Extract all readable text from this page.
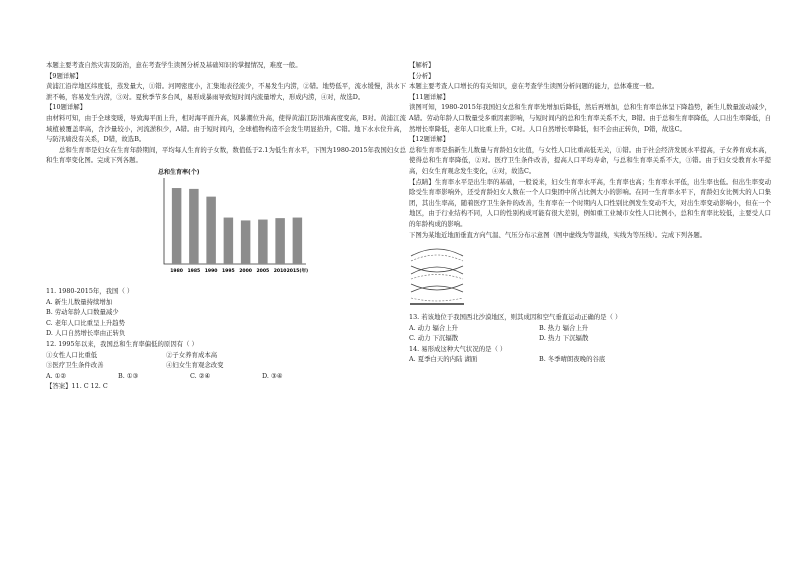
本题主要考查自然灾害及防治，意在考查学生读图分析及基础知识的掌握情况，难度一般。

【9题详解】

黄浦江沿岸地区纬度低，蒸发量大，①错。河网密度小，汇集地表径流少，不易发生内涝，②错。地势低平，流水缓慢，洪水下泄不畅，容易发生内涝，③对。夏秋季节多台风，易形成暴雨导致短时间内流量增大，形成内涝，④对，故选D。

【10题详解】

由材料可知，由于全球变暖，导致海平面上升，相对海平面升高，风暴潮位升高，使得黄浦江防汛墙高度变高，B对。黄浦江流域植被覆盖率高，含沙量较小，河流淤积少，A错。由于短时间内，全球植物构造不会发生明显抬升，C错。地下水水位升高，与防汛墙没有关系，D错，故选B。

总和生育率是妇女在生育年龄期间，平均每人生育的子女数，数值低于2.1为低生育水平，下图为1980-2015年我国妇女总和生育率变化图。完成下列各题。

1980 1985 1990 1995 2000 2005 2010 2015(年)
总和生育率(个)

11. 1980-2015年，我国（ ）

A. 新生儿数量持续增加

B. 劳动年龄人口数量减少

C. 老年人口比重呈上升趋势

D. 人口自然增长率由正转负

12. 1995年以来，我国总和生育率偏低的原因有（ ）

①女性人口比重低	②子女养育成本高
③医疗卫生条件改善	④妇女生育观念改变
A. ①②	B. ①③	C. ②④	D. ③④

【答案】11. C 12. C

【解析】

【分析】

本题主要考查人口增长的有关知识，意在考查学生读图分析问题的能力，总体难度一般。

【11题详解】

读图可知，1980-2015年我国妇女总和生育率先增加后降低，然后再增加，总和生育率总体呈下降趋势，新生儿数量波动减少，A错。劳动年龄人口数量受多重因素影响，与短时间内的总和生育率关系不大，B错。由于总和生育率降低，人口出生率降低，自然增长率降低，老年人口比重上升，C对。人口自然增长率降低，但不会由正转负，D错，故选C。

【12题详解】

总和生育率是指新生儿数量与育龄妇女比值，与女性人口比重高低无关，①错。由于社会经济发展水平提高，子女养育成本高，使得总和生育率降低，②对。医疗卫生条件改善，提高人口平均寿命，与总和生育率关系不大，③错。由于妇女受教育水平提高，妇女生育观念发生变化，④对，故选C。

【点睛】生育率水平是出生率的基础，一般说来，妇女生育率水平高，生育率也高；生育率水平低，出生率也低。但出生率变动除受生育率影响外，还受育龄妇女人数在一个人口集团中所占比例大小的影响。在同一生育率水平下，育龄妇女比例大的人口集团，其出生率高，随着医疗卫生条件的改善，生育率在一个时期内人口性别比例发生变动不大，对出生率变动影响小，但在一个地区，由于行业结构不同，人口的性别构成可能有很大差别，例如重工业城市女性人口比例小，总和生育率比较低，主要受人口的年龄构成的影响。

下图为某地近地面垂直方向气温、气压分布示意图（图中虚线为等温线，实线为等压线）。完成下列各题。

13. 若该地位于我国西北沙漠地区，则其成因和空气垂直运动正确的是（ ）

A. 动力 辐合上升	B. 热力 辐合上升
C. 动力 下沉辐散	D. 热力 下沉辐散

14. 易形成这种大气状况的是（ ）

A. 夏季白天的内陆 湖面	B. 冬季晴朗夜晚的谷底
